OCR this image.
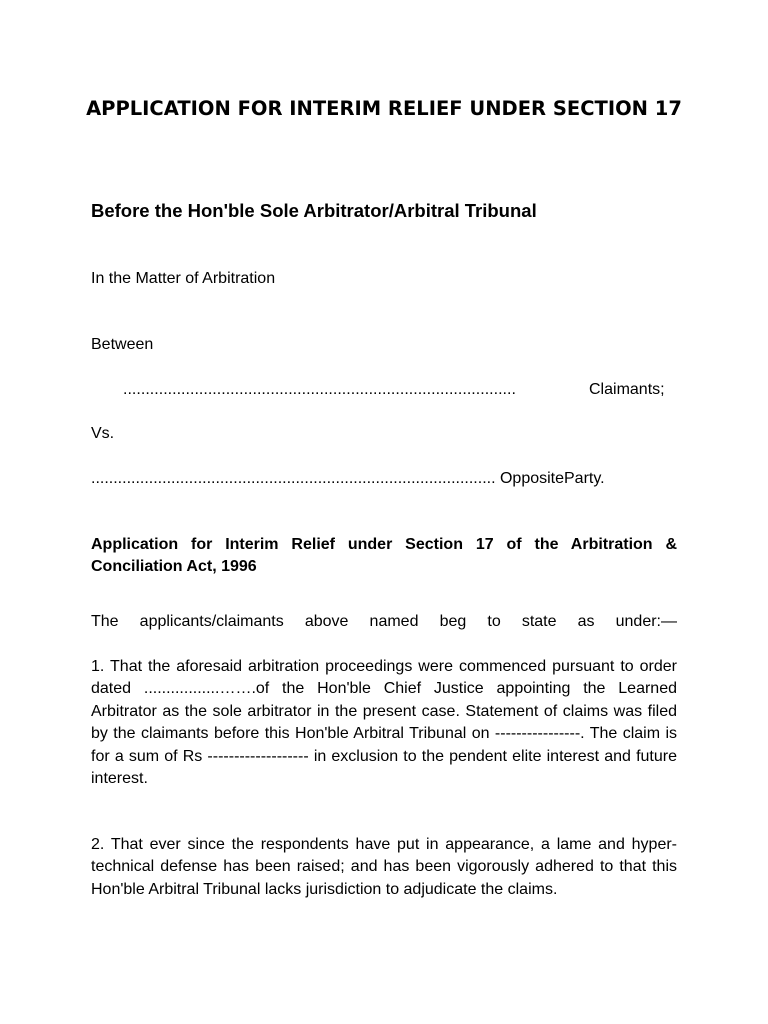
APPLICATION FOR INTERIM RELIEF UNDER SECTION 17
Before the Hon'ble Sole Arbitrator/Arbitral Tribunal
In the Matter of Arbitration
Between
........................................................................................	Claimants;
Vs.
........................................................................................... OppositeParty.
Application for Interim Relief under Section 17 of the Arbitration & Conciliation Act, 1996
The applicants/claimants above named beg to state as under:—
1. That the aforesaid arbitration proceedings were commenced pursuant to order dated .................…….of the Hon'ble Chief Justice appointing the Learned Arbitrator as the sole arbitrator in the present case. Statement of claims was filed by the claimants before this Hon'ble Arbitral Tribunal on ----------------. The claim is for a sum of Rs ------------------- in exclusion to the pendent elite interest and future interest.
2. That ever since the respondents have put in appearance, a lame and hyper-technical defense has been raised; and has been vigorously adhered to that this Hon'ble Arbitral Tribunal lacks jurisdiction to adjudicate the claims.
